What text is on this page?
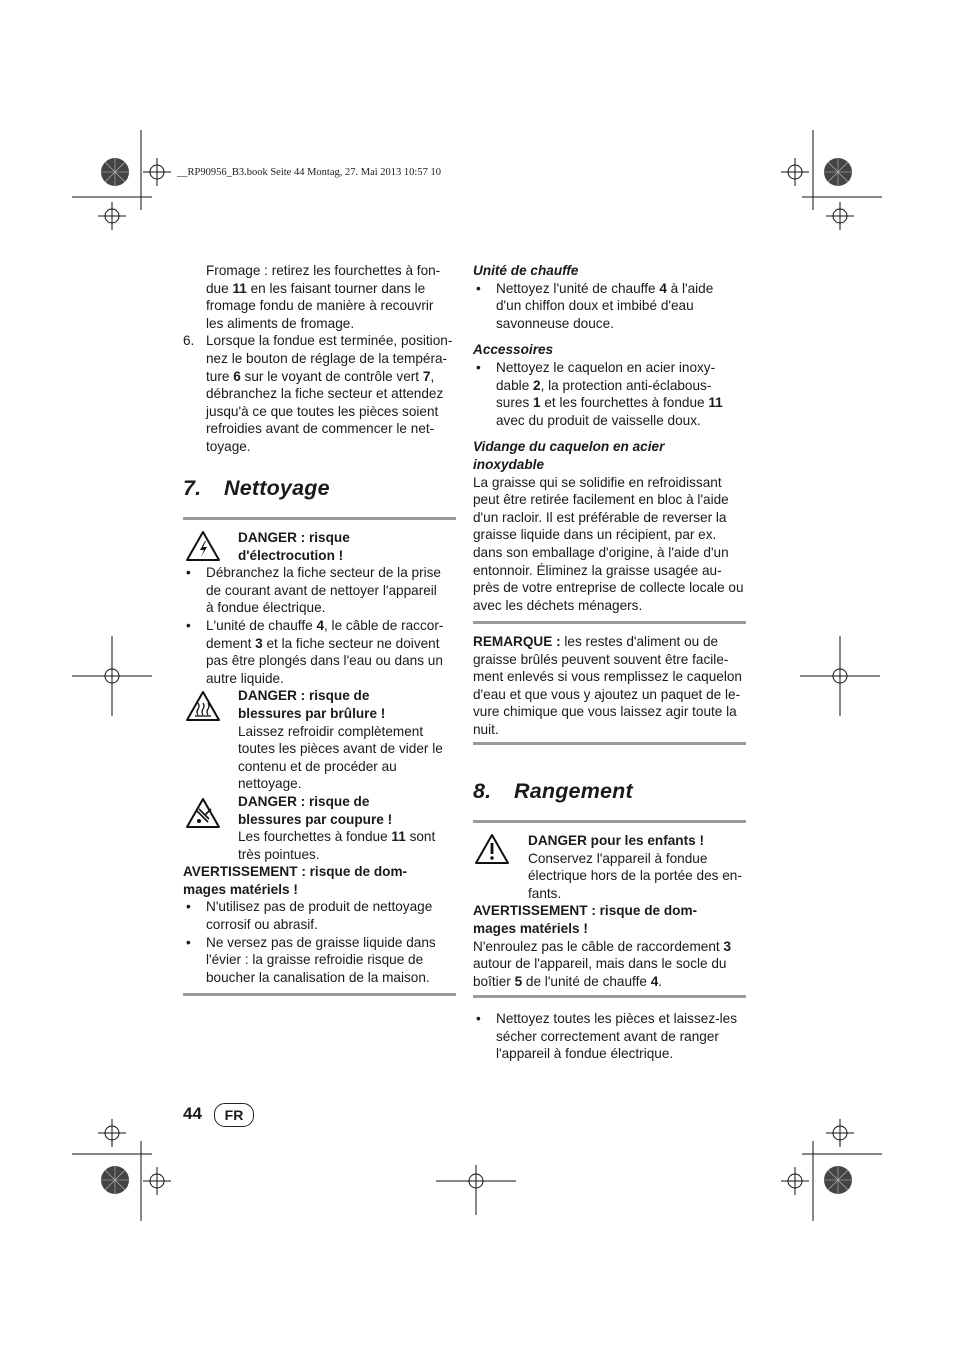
__RP90956_B3.book Seite 44 Montag, 27. Mai 2013 10:57 10

Fromage : retirez les fourchettes à fon-

due 11 en les faisant tourner dans le

fromage fondu de manière à recouvrir

les aliments de fromage.

6. Lorsque la fondue est terminée, position-

nez le bouton de réglage de la tempéra-

ture 6 sur le voyant de contrôle vert 7,

débranchez la fiche secteur et attendez

jusqu'à ce que toutes les pièces soient

refroidies avant de commencer le net-

toyage.

7. Nettoyage

DANGER : risque

d'électrocution !

• Débranchez la fiche secteur de la prise

de courant avant de nettoyer l'appareil

à fondue électrique.

• L'unité de chauffe 4, le câble de raccor-

dement 3 et la fiche secteur ne doivent

pas être plongés dans l'eau ou dans un

autre liquide.

DANGER : risque de

blessures par brûlure !

Laissez refroidir complètement

toutes les pièces avant de vider le

contenu et de procéder au

nettoyage.

DANGER : risque de

blessures par coupure !

Les fourchettes à fondue 11 sont

très pointues.

AVERTISSEMENT : risque de dom-

mages matériels !

• N'utilisez pas de produit de nettoyage

corrosif ou abrasif.

• Ne versez pas de graisse liquide dans

l'évier : la graisse refroidie risque de

boucher la canalisation de la maison.

Unité de chauffe

• Nettoyez l'unité de chauffe 4 à l'aide

d'un chiffon doux et imbibé d'eau

savonneuse douce.

Accessoires

• Nettoyez le caquelon en acier inoxy-

dable 2, la protection anti-éclabous-

sures 1 et les fourchettes à fondue 11

avec du produit de vaisselle doux.

Vidange du caquelon en acier

inoxydable

La graisse qui se solidifie en refroidissant

peut être retirée facilement en bloc à l'aide

d'un racloir. Il est préférable de reverser la

graisse liquide dans un récipient, par ex.

dans son emballage d'origine, à l'aide d'un

entonnoir. Éliminez la graisse usagée au-

près de votre entreprise de collecte locale ou

avec les déchets ménagers.

REMARQUE : les restes d'aliment ou de

graisse brûlés peuvent souvent être facile-

ment enlevés si vous remplissez le caquelon

d'eau et que vous y ajoutez un paquet de le-

vure chimique que vous laissez agir toute la

nuit.

8. Rangement

DANGER pour les enfants !

Conservez l'appareil à fondue

électrique hors de la portée des en-

fants.

AVERTISSEMENT : risque de dom-

mages matériels !

N'enroulez pas le câble de raccordement 3

autour de l'appareil, mais dans le socle du

boîtier 5 de l'unité de chauffe 4.

• Nettoyez toutes les pièces et laissez-les

sécher correctement avant de ranger

l'appareil à fondue électrique.

44	FR
